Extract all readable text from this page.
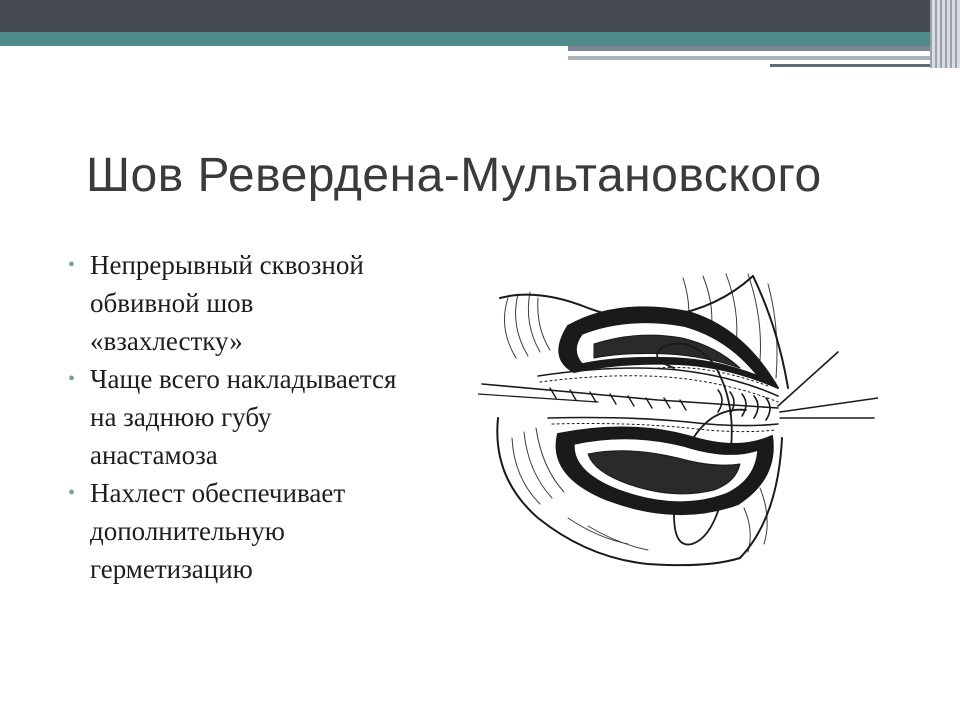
Шов Ревердена-Мультановского
• Непрерывный сквозной обвивной шов «взахлестку»
• Чаще всего накладывается на заднюю губу анастамоза
• Нахлест обеспечивает дополнительную герметизацию
